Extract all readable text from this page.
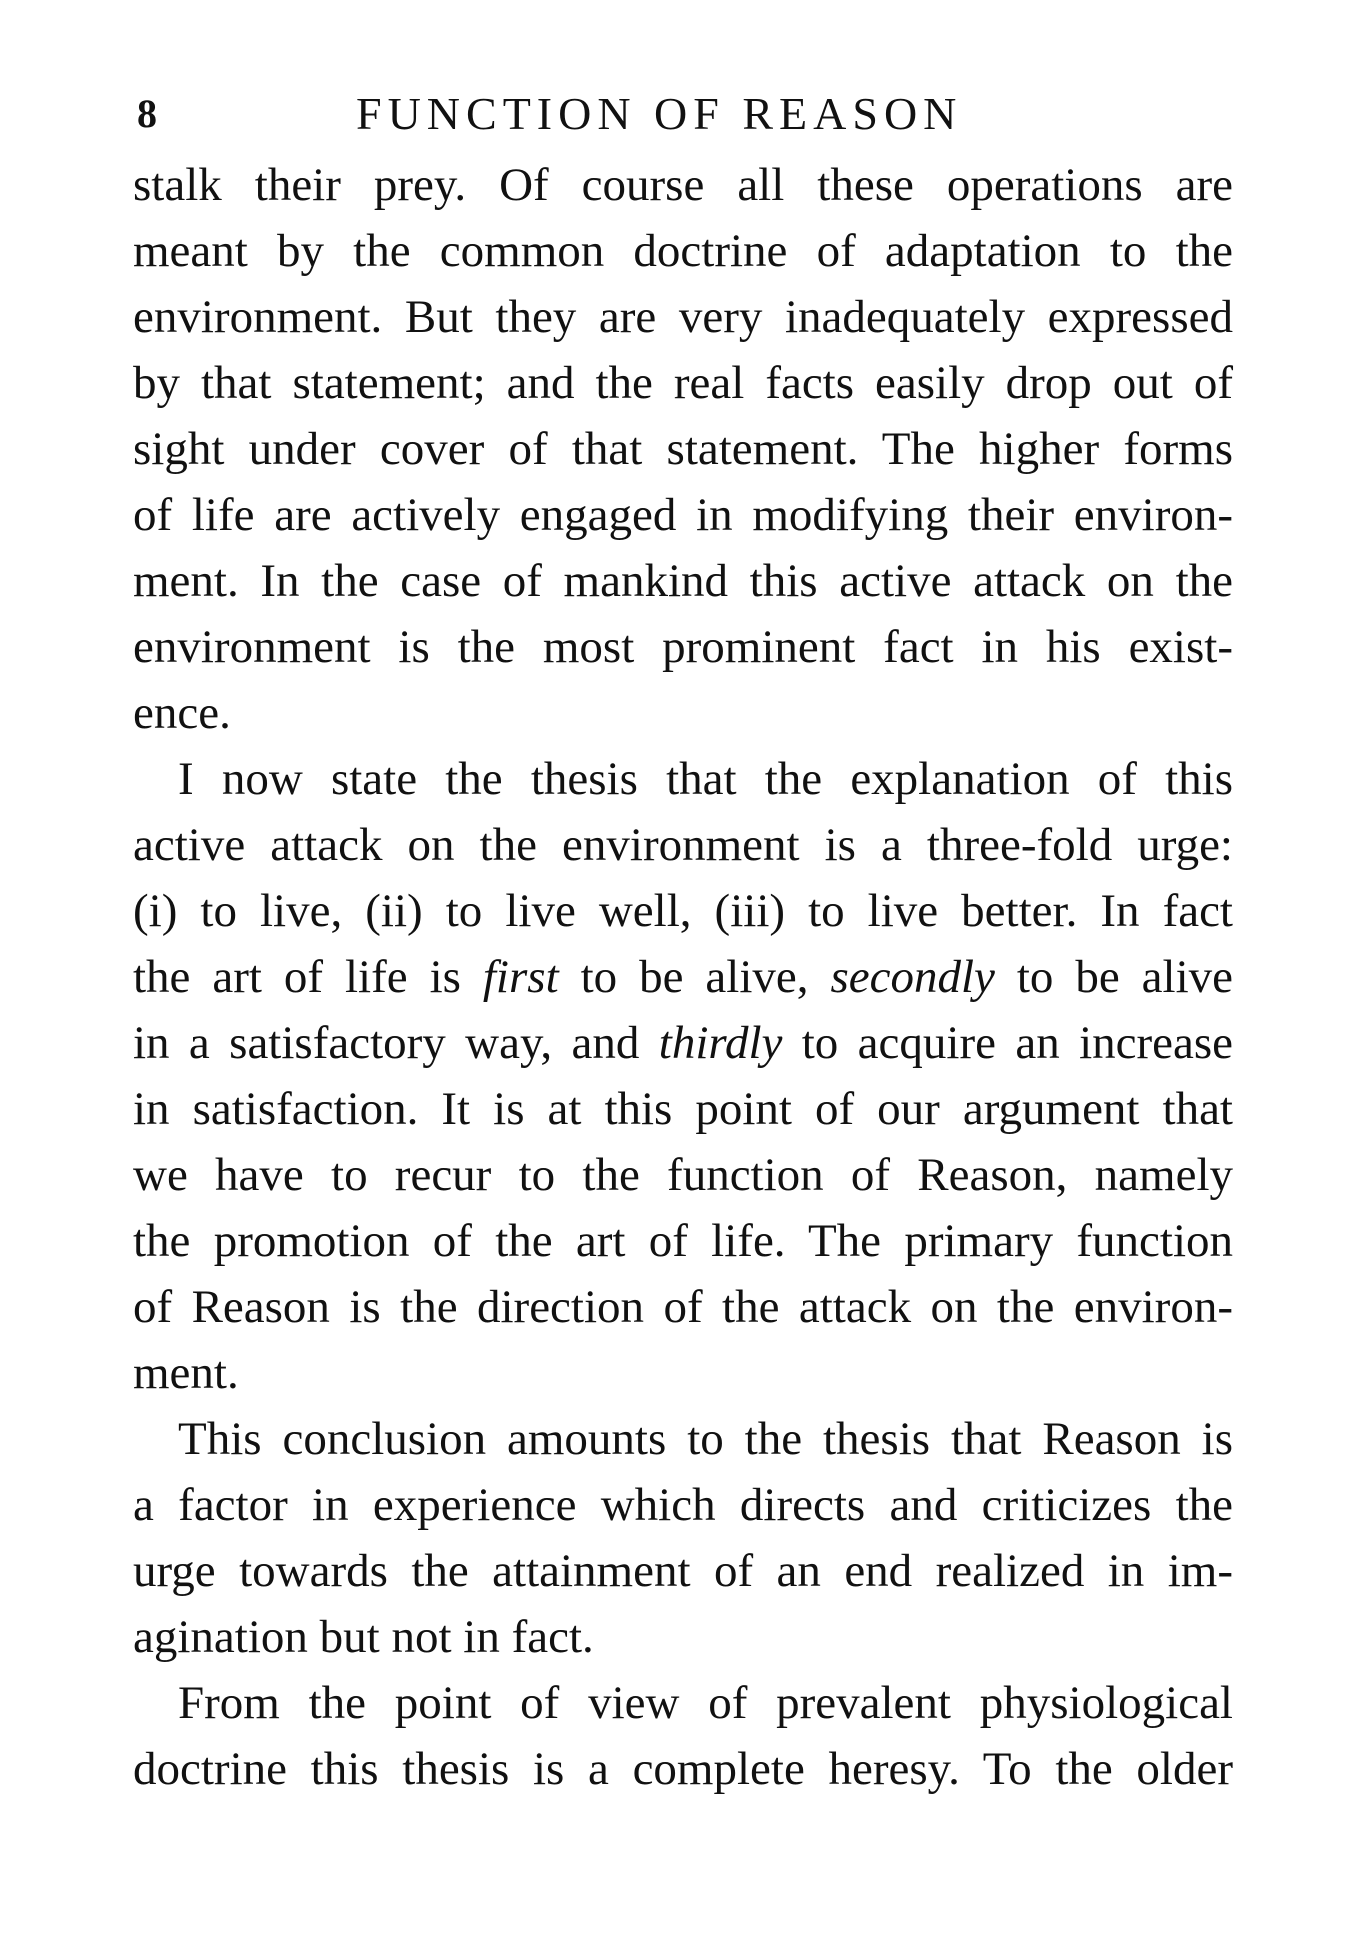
8	FUNCTION OF REASON
stalk their prey. Of course all these operations are
meant by the common doctrine of adaptation to the
environment. But they are very inadequately expressed
by that statement; and the real facts easily drop out of
sight under cover of that statement. The higher forms
of life are actively engaged in modifying their environ-
ment. In the case of mankind this active attack on the
environment is the most prominent fact in his exist-
ence.
I now state the thesis that the explanation of this
active attack on the environment is a three-fold urge:
(i) to live, (ii) to live well, (iii) to live better. In fact
the art of life is first to be alive, secondly to be alive
in a satisfactory way, and thirdly to acquire an increase
in satisfaction. It is at this point of our argument that
we have to recur to the function of Reason, namely
the promotion of the art of life. The primary function
of Reason is the direction of the attack on the environ-
ment.
This conclusion amounts to the thesis that Reason is
a factor in experience which directs and criticizes the
urge towards the attainment of an end realized in im-
agination but not in fact.
From the point of view of prevalent physiological
doctrine this thesis is a complete heresy. To the older
